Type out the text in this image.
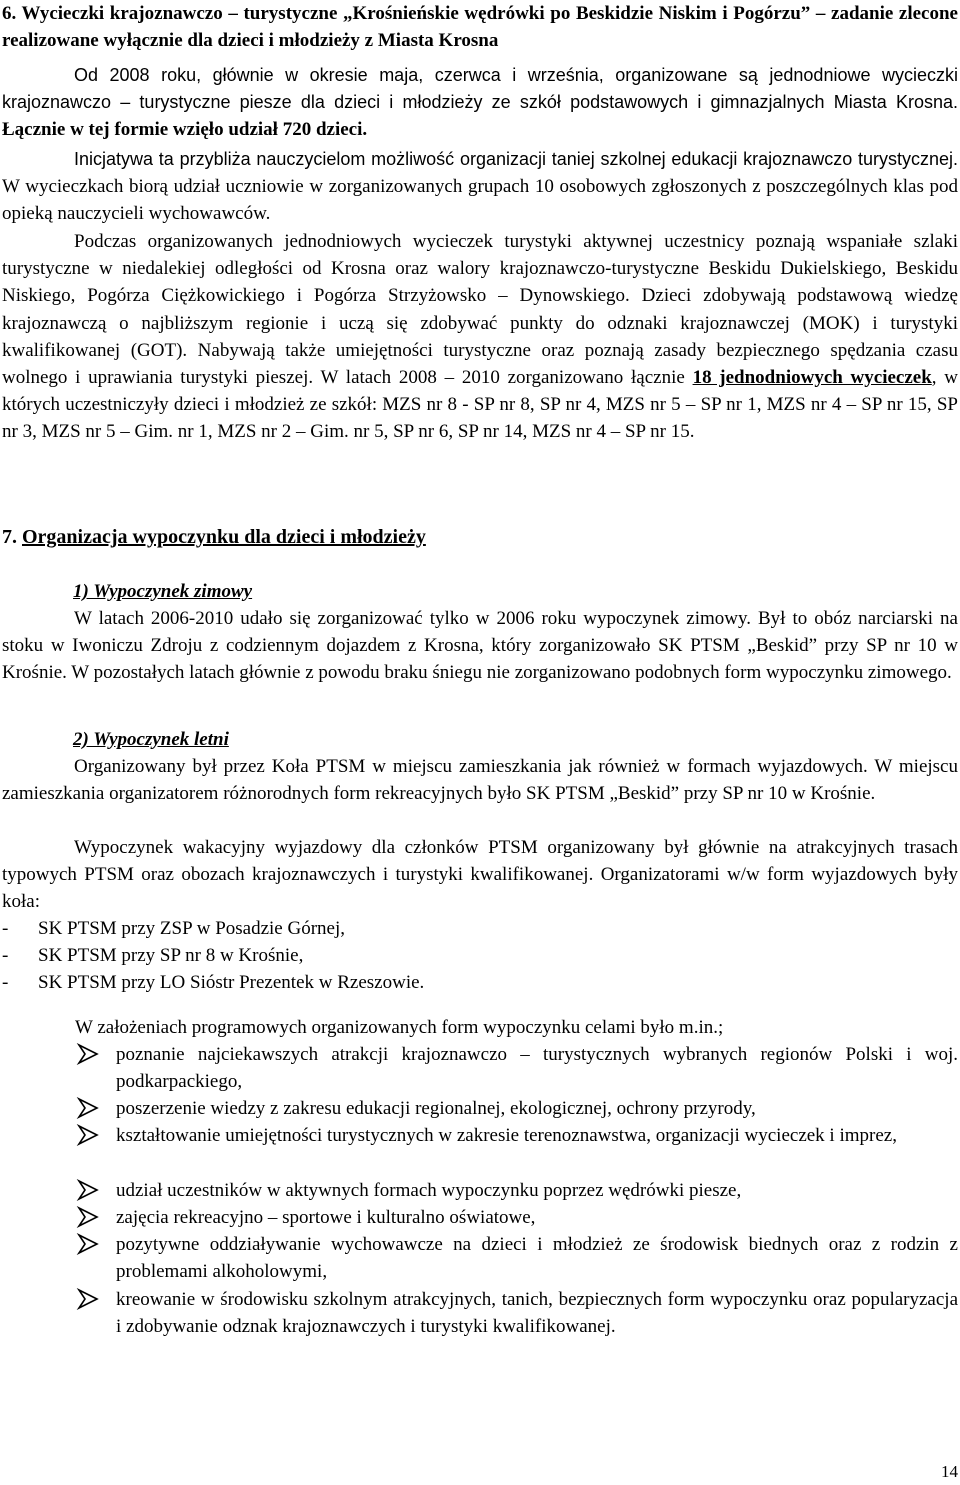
6. Wycieczki krajoznawczo – turystyczne „Krośnieńskie wędrówki po Beskidzie Niskim i Pogórzu” – zadanie zlecone realizowane wyłącznie dla dzieci i młodzieży z Miasta Krosna

Od 2008 roku, głównie w okresie maja, czerwca i września, organizowane są jednodniowe wycieczki krajoznawczo – turystyczne piesze dla dzieci i młodzieży ze szkół podstawowych i gimnazjalnych Miasta Krosna. Łącznie w tej formie wzięło udział 720 dzieci.
Inicjatywa ta przybliża nauczycielom możliwość organizacji taniej szkolnej edukacji krajoznawczo turystycznej. W wycieczkach biorą udział uczniowie w zorganizowanych grupach 10 osobowych zgłoszonych z poszczególnych klas pod opieką nauczycieli wychowawców.
Podczas organizowanych jednodniowych wycieczek turystyki aktywnej uczestnicy poznają wspaniałe szlaki turystyczne w niedalekiej odległości od Krosna oraz walory krajoznawczo-turystyczne Beskidu Dukielskiego, Beskidu Niskiego, Pogórza Ciężkowickiego i Pogórza Strzyżowsko – Dynowskiego. Dzieci zdobywają podstawową wiedzę krajoznawczą o najbliższym regionie i uczą się zdobywać punkty do odznaki krajoznawczej (MOK) i turystyki kwalifikowanej (GOT). Nabywają także umiejętności turystyczne oraz poznają zasady bezpiecznego spędzania czasu wolnego i uprawiania turystyki pieszej. W latach 2008 – 2010 zorganizowano łącznie 18 jednodniowych wycieczek, w których uczestniczyły dzieci i młodzież ze szkół: MZS nr 8 - SP nr 8, SP nr 4, MZS nr 5 – SP nr 1, MZS nr 4 – SP nr 15, SP nr 3, MZS nr 5 – Gim. nr 1, MZS nr 2 – Gim. nr 5, SP nr 6, SP nr 14, MZS nr 4 – SP nr 15.
7. Organizacja wypoczynku dla dzieci i młodzieży
1) Wypoczynek zimowy
W latach 2006-2010 udało się zorganizować tylko w 2006 roku wypoczynek zimowy. Był to obóz narciarski na stoku w Iwoniczu Zdroju z codziennym dojazdem z Krosna, który zorganizowało SK PTSM „Beskid” przy SP nr 10 w Krośnie. W pozostałych latach głównie z powodu braku śniegu nie zorganizowano podobnych form wypoczynku zimowego.
2) Wypoczynek letni
Organizowany był przez Koła PTSM w miejscu zamieszkania jak również w formach wyjazdowych. W miejscu zamieszkania organizatorem różnorodnych form rekreacyjnych było SK PTSM „Beskid” przy SP nr 10 w Krośnie.
Wypoczynek wakacyjny wyjazdowy dla członków PTSM organizowany był głównie na atrakcyjnych trasach typowych PTSM oraz obozach krajoznawczych i turystyki kwalifikowanej. Organizatorami w/w form wyjazdowych były koła:
- SK PTSM przy ZSP w Posadzie Górnej,
- SK PTSM przy SP nr 8 w Krośnie,
- SK PTSM przy LO Sióstr Prezentek w Rzeszowie.
W założeniach programowych organizowanych form wypoczynku celami było m.in.;
poznanie najciekawszych atrakcji krajoznawczo – turystycznych wybranych regionów Polski i woj. podkarpackiego,
poszerzenie wiedzy z zakresu edukacji regionalnej, ekologicznej, ochrony przyrody,
kształtowanie umiejętności turystycznych w zakresie terenoznawstwa, organizacji wycieczek i imprez,
udział uczestników w aktywnych formach wypoczynku poprzez wędrówki piesze,
zajęcia rekreacyjno – sportowe i kulturalno oświatowe,
pozytywne oddziaływanie wychowawcze na dzieci i młodzież ze środowisk biednych oraz z rodzin z problemami alkoholowymi,
kreowanie w środowisku szkolnym atrakcyjnych, tanich, bezpiecznych form wypoczynku oraz popularyzacja i zdobywanie odznak krajoznawczych i turystyki kwalifikowanej.
14
